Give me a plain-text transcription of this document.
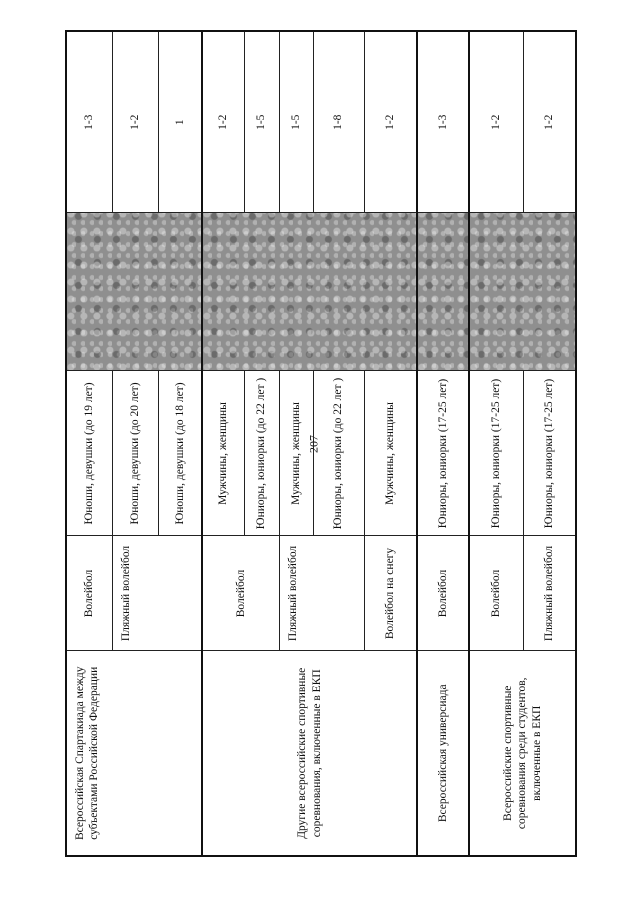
207
Всероссийская Спартакиада между субъектами Российской Федерации	Волейбол	Юноши, девушки (до 19 лет)		1-3
	Пляжный волейбол	Юноши, девушки (до 20 лет)		1-2
		Юноши, девушки (до 18 лет)		1
Другие всероссийские спортивные соревнования, включенные в ЕКП	Волейбол	Мужчины, женщины		1-2
		Юниоры, юниорки (до 22 лет )		1-5
	Пляжный волейбол	Мужчины, женщины		1-5
		Юниоры, юниорки (до 22 лет )		1-8
	Волейбол на снегу	Мужчины, женщины		1-2
Всероссийская универсиада	Волейбол	Юниоры, юниорки (17-25 лет)		1-3
Всероссийские спортивные соревнования среди студентов, включенные в ЕКП	Волейбол	Юниоры, юниорки (17-25 лет)		1-2
	Пляжный волейбол	Юниоры, юниорки (17-25 лет)		1-2
